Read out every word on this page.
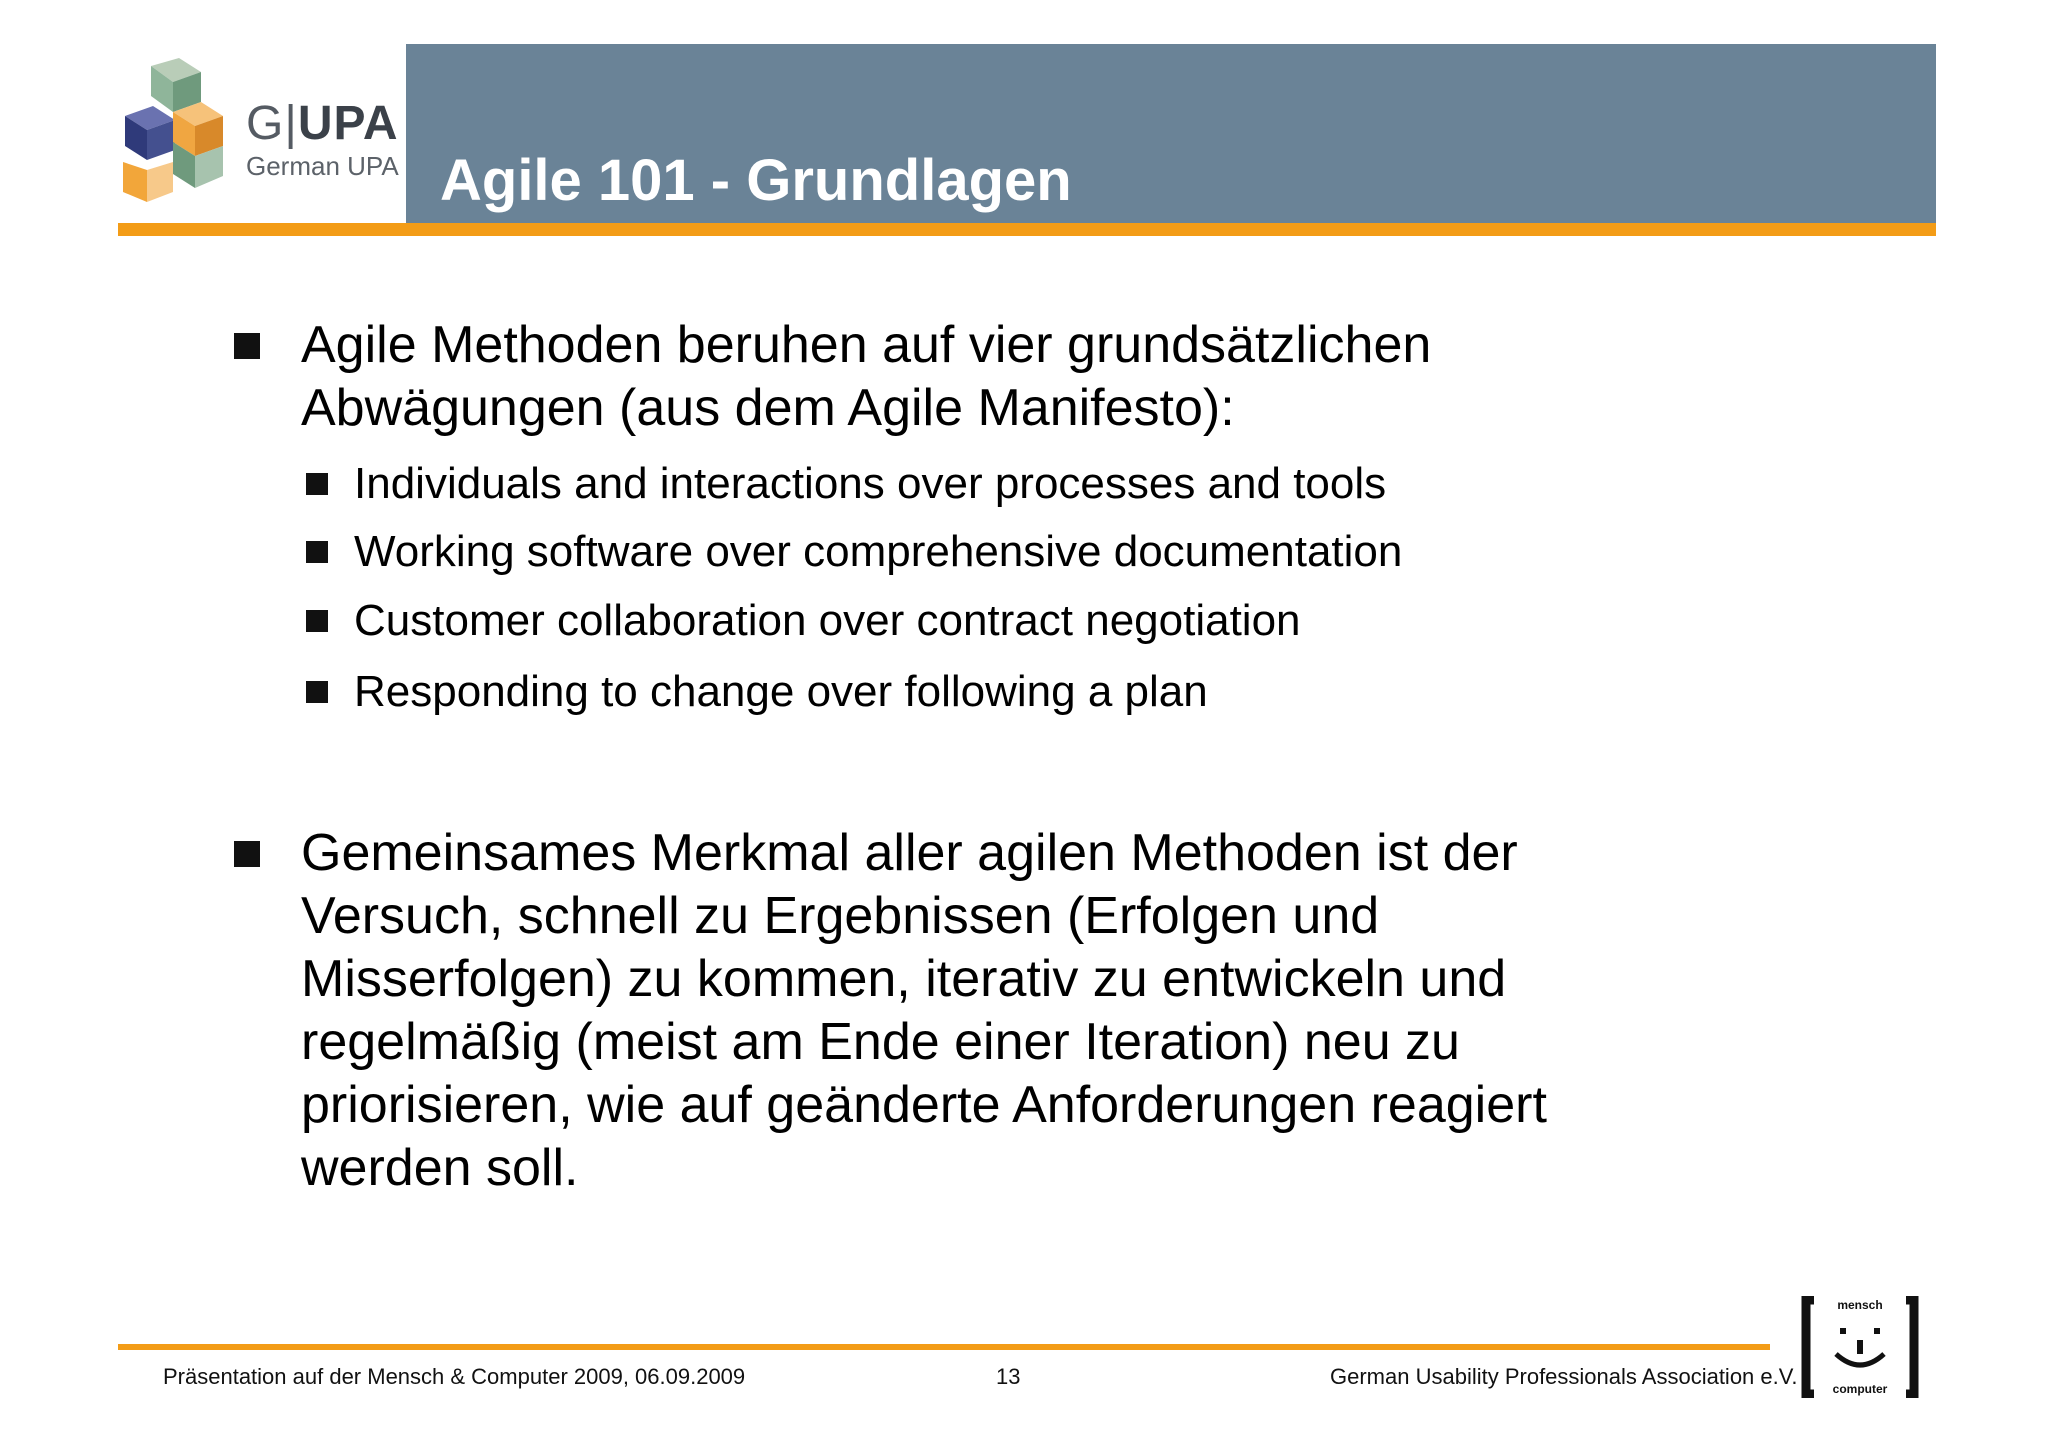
G|UPA
German UPA Agile 101 - Grundlagen
Agile Methoden beruhen auf vier grundsätzlichen
Abwägungen (aus dem Agile Manifesto):
Individuals and interactions over processes and tools
Working software over comprehensive documentation
Customer collaboration over contract negotiation
Responding to change over following a plan
Gemeinsames Merkmal aller agilen Methoden ist der
Versuch, schnell zu Ergebnissen (Erfolgen und
Misserfolgen) zu kommen, iterativ zu entwickeln und
regelmäßig (meist am Ende einer Iteration) neu zu
priorisieren, wie auf geänderte Anforderungen reagiert
werden soll.
Präsentation auf der Mensch & Computer 2009, 06.09.2009	13	German Usability Professionals Association e.V.
mensch
computer
